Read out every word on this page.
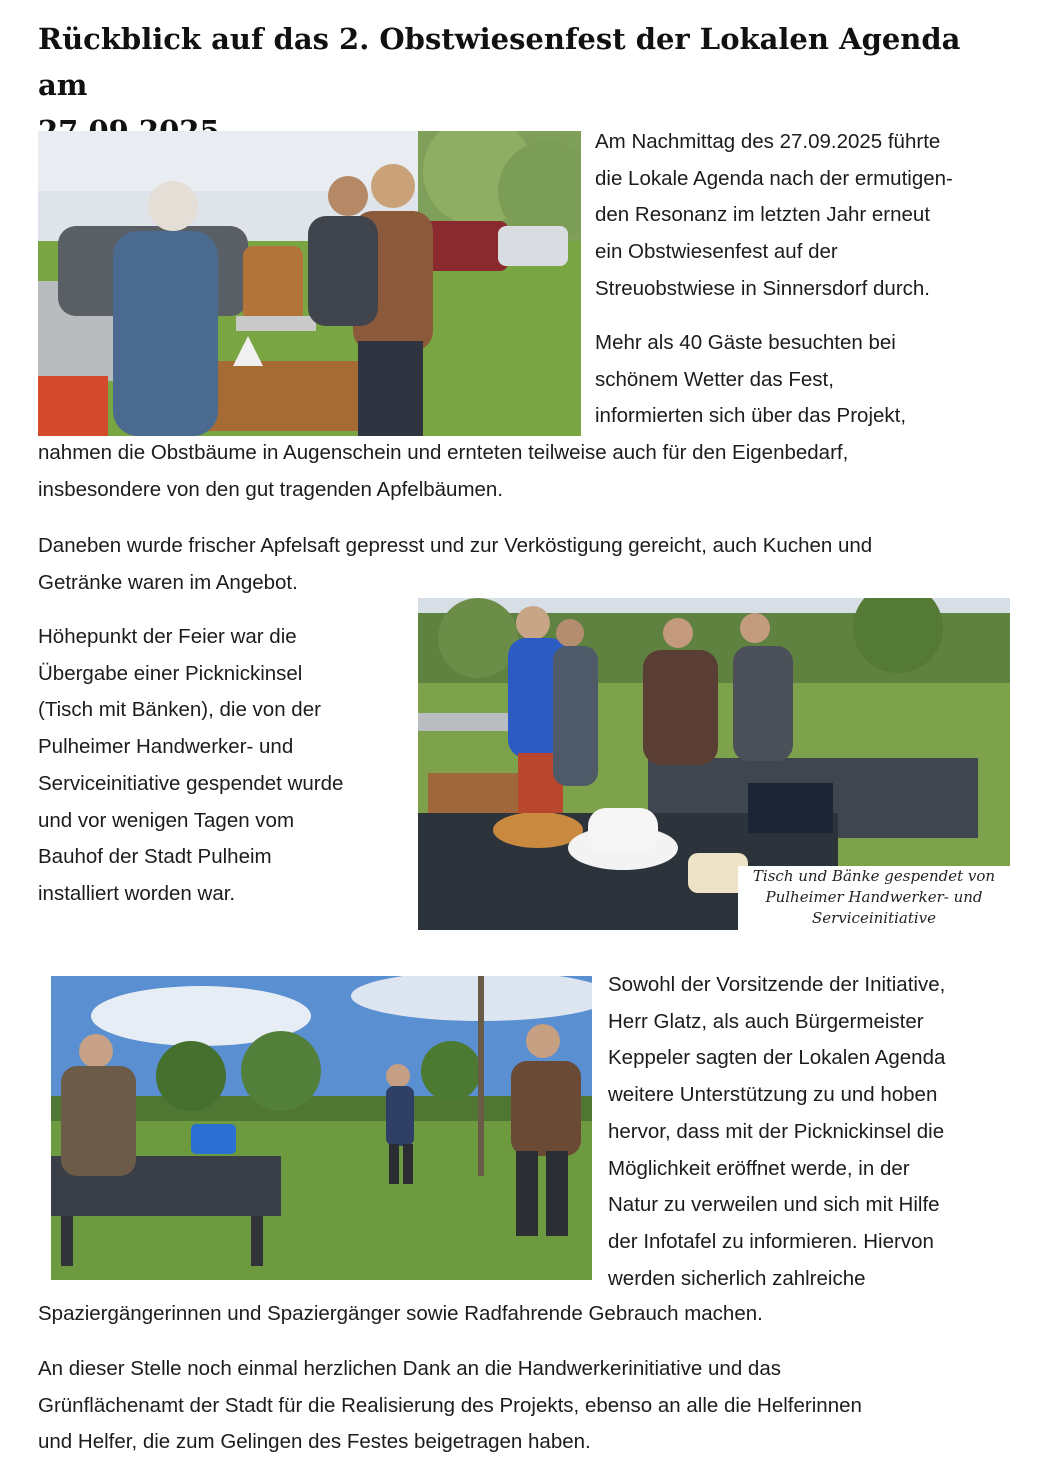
Rückblick auf das 2. Obstwiesenfest der Lokalen Agenda am

Am Nachmittag des 27.09.2025 führte
die Lokale Agenda nach der ermutigen-
den Resonanz im letzten Jahr erneut
ein Obstwiesenfest auf der
Streuobstwiese in Sinnersdorf durch.

Mehr als 40 Gäste besuchten bei
schönem Wetter das Fest,
informierten sich über das Projekt,

nahmen die Obstbäume in Augenschein und ernteten teilweise auch für den Eigenbedarf,
insbesondere von den gut tragenden Apfelbäumen.

Daneben wurde frischer Apfelsaft gepresst und zur Verköstigung gereicht, auch Kuchen und
Getränke waren im Angebot.

Höhepunkt der Feier war die
Übergabe einer Picknickinsel
(Tisch mit Bänken), die von der
Pulheimer Handwerker- und
Serviceinitiative gespendet wurde
und vor wenigen Tagen vom
Bauhof der Stadt Pulheim
installiert worden war.

Tisch und Bänke gespendet von
Pulheimer Handwerker- und
Serviceinitiative

Sowohl der Vorsitzende der Initiative,
Herr Glatz, als auch Bürgermeister
Keppeler sagten der Lokalen Agenda
weitere Unterstützung zu und hoben
hervor, dass mit der Picknickinsel die
Möglichkeit eröffnet werde, in der
Natur zu verweilen und sich mit Hilfe
der Infotafel zu informieren. Hiervon
werden sicherlich zahlreiche

Spaziergängerinnen und Spaziergänger sowie Radfahrende Gebrauch machen.

An dieser Stelle noch einmal herzlichen Dank an die Handwerkerinitiative und das
Grünflächenamt der Stadt für die Realisierung des Projekts, ebenso an alle die Helferinnen
und Helfer, die zum Gelingen des Festes beigetragen haben.
